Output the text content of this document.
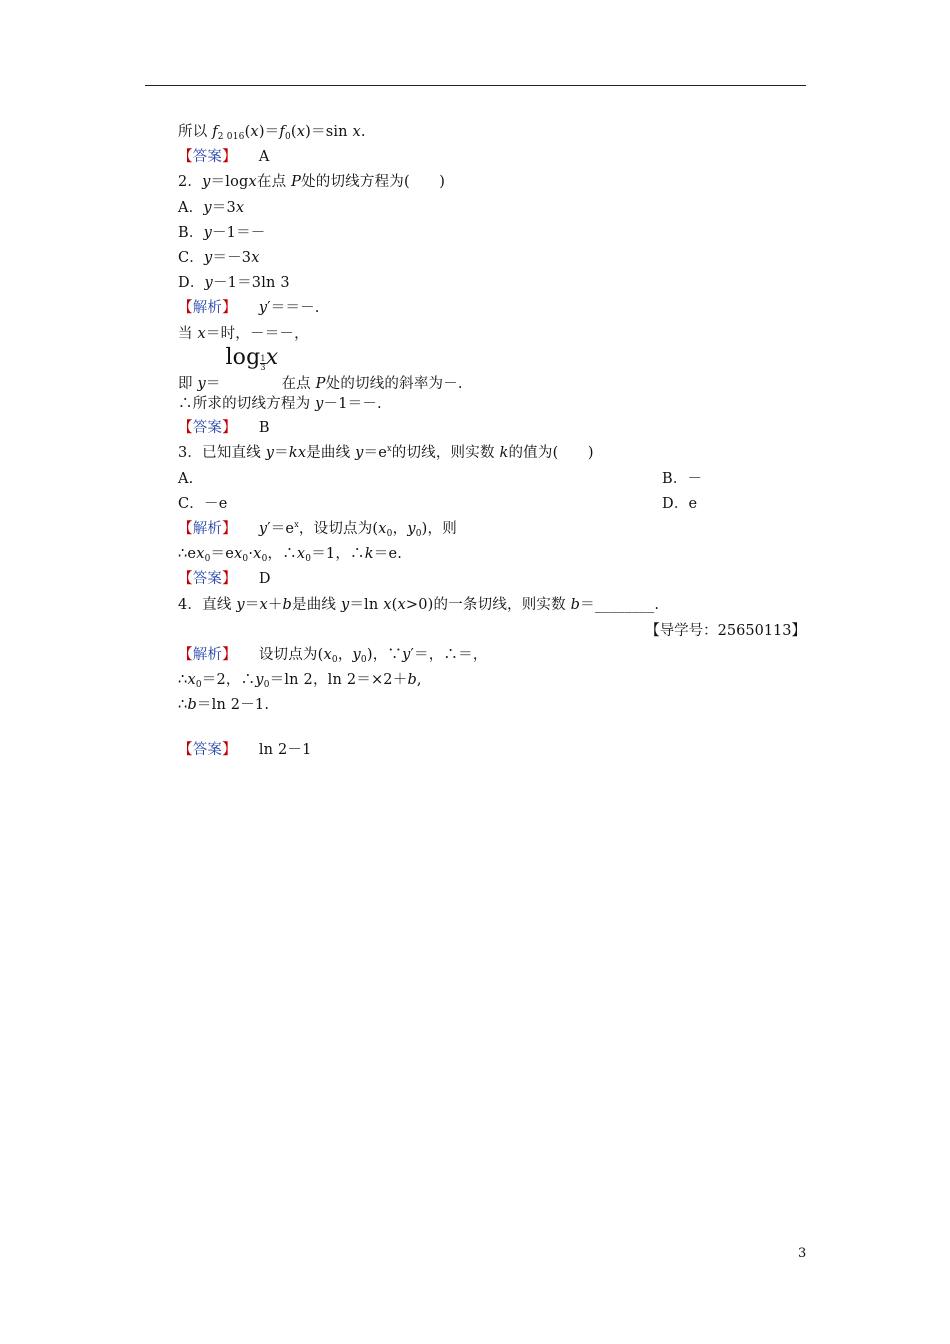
所以 $f_{2 016}(x)=f_0(x)=\sin$ x.
【答案】 A
2．y＝logx在点 P处的切线方程为(　　)
A．y＝3x
B．y－1＝－
C．y＝－3x
D．y－1＝3ln 3
【解析】 y′＝＝－.
当 x＝时，－＝－，
即 y＝
$\log \frac{1}{3}x$
在点 P处的切线的斜率为－.
∴所求的切线方程为 y－1＝－.
【答案】 B
3．已知直线 y＝kx是曲线 $y=e^x$的切线，则实数 k的值为(　　)
A.	B．－
C．－e	D．e
【解析】 $y'=e^x$，设切点为($x_0$，$y_0$)，则
$\therefore ex_0=ex_0\cdot x_0$，$\therefore x_0=1$，∴k＝e.
【答案】 D
4．直线 y＝x＋b是曲线 y＝ln x(x>0)的一条切线，则实数 b＝________.
【导学号：25650113】
【解析】 设切点为($x_0$，$y_0$)，∵y′＝，∴＝，
$\therefore x_0=2$，$\therefore y_0=\ln$ 2，ln 2＝×2＋b,
∴b＝ln 2－1.
【答案】 ln 2－1
3
